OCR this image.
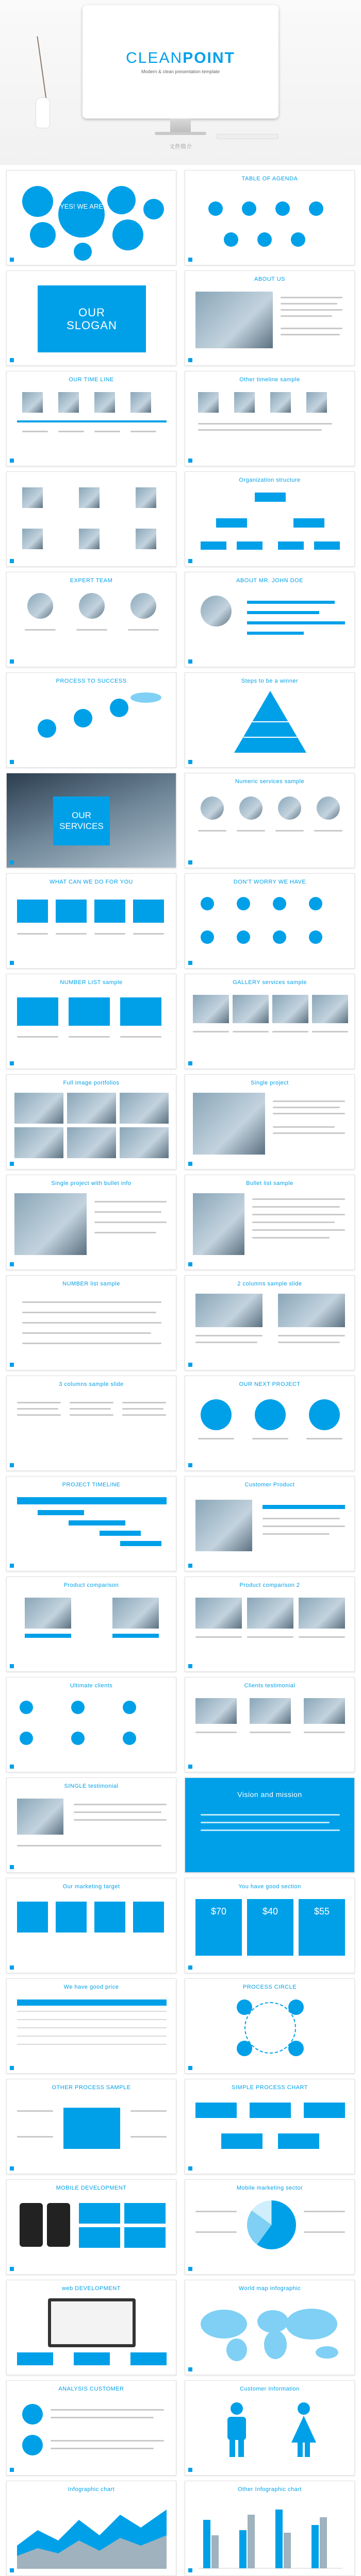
CLEANPOINT
Modern & clean presentation template
文件简介
YES! WE ARE
TABLE OF AGENDA
OUR SLOGAN
ABOUT US
OUR TIME LINE	Other timeline sample
Organization structure
EXPERT TEAM	ABOUT MR. JOHN DOE
PROCESS TO SUCCESS	Steps to be a winner
OUR SERVICES
Numeric services sample
WHAT CAN WE DO FOR YOU	DON'T WORRY WE HAVE
NUMBER LIST sample	GALLERY services sample
Full image portfolios	Single project
Single project with bullet info	Bullet list sample
NUMBER list sample	2 columns sample slide
3 columns sample slide	OUR NEXT PROJECT
PROJECT TIMELINE	Customer Product
Product comparison	Product comparison 2
Ultimate clients	Clients testimonial
SINGLE testimonial
Vision and mission
Our marketing target	You have good section
$70	$40	$55
We have good price	PROCESS CIRCLE
OTHER PROCESS SAMPLE	SIMPLE PROCESS CHART
MOBILE DEVELOPMENT	Mobile marketing sector
web DEVELOPMENT	World map infographic
ANALYSIS CUSTOMER	Customer Information
Infographic chart	Other Infographic chart
